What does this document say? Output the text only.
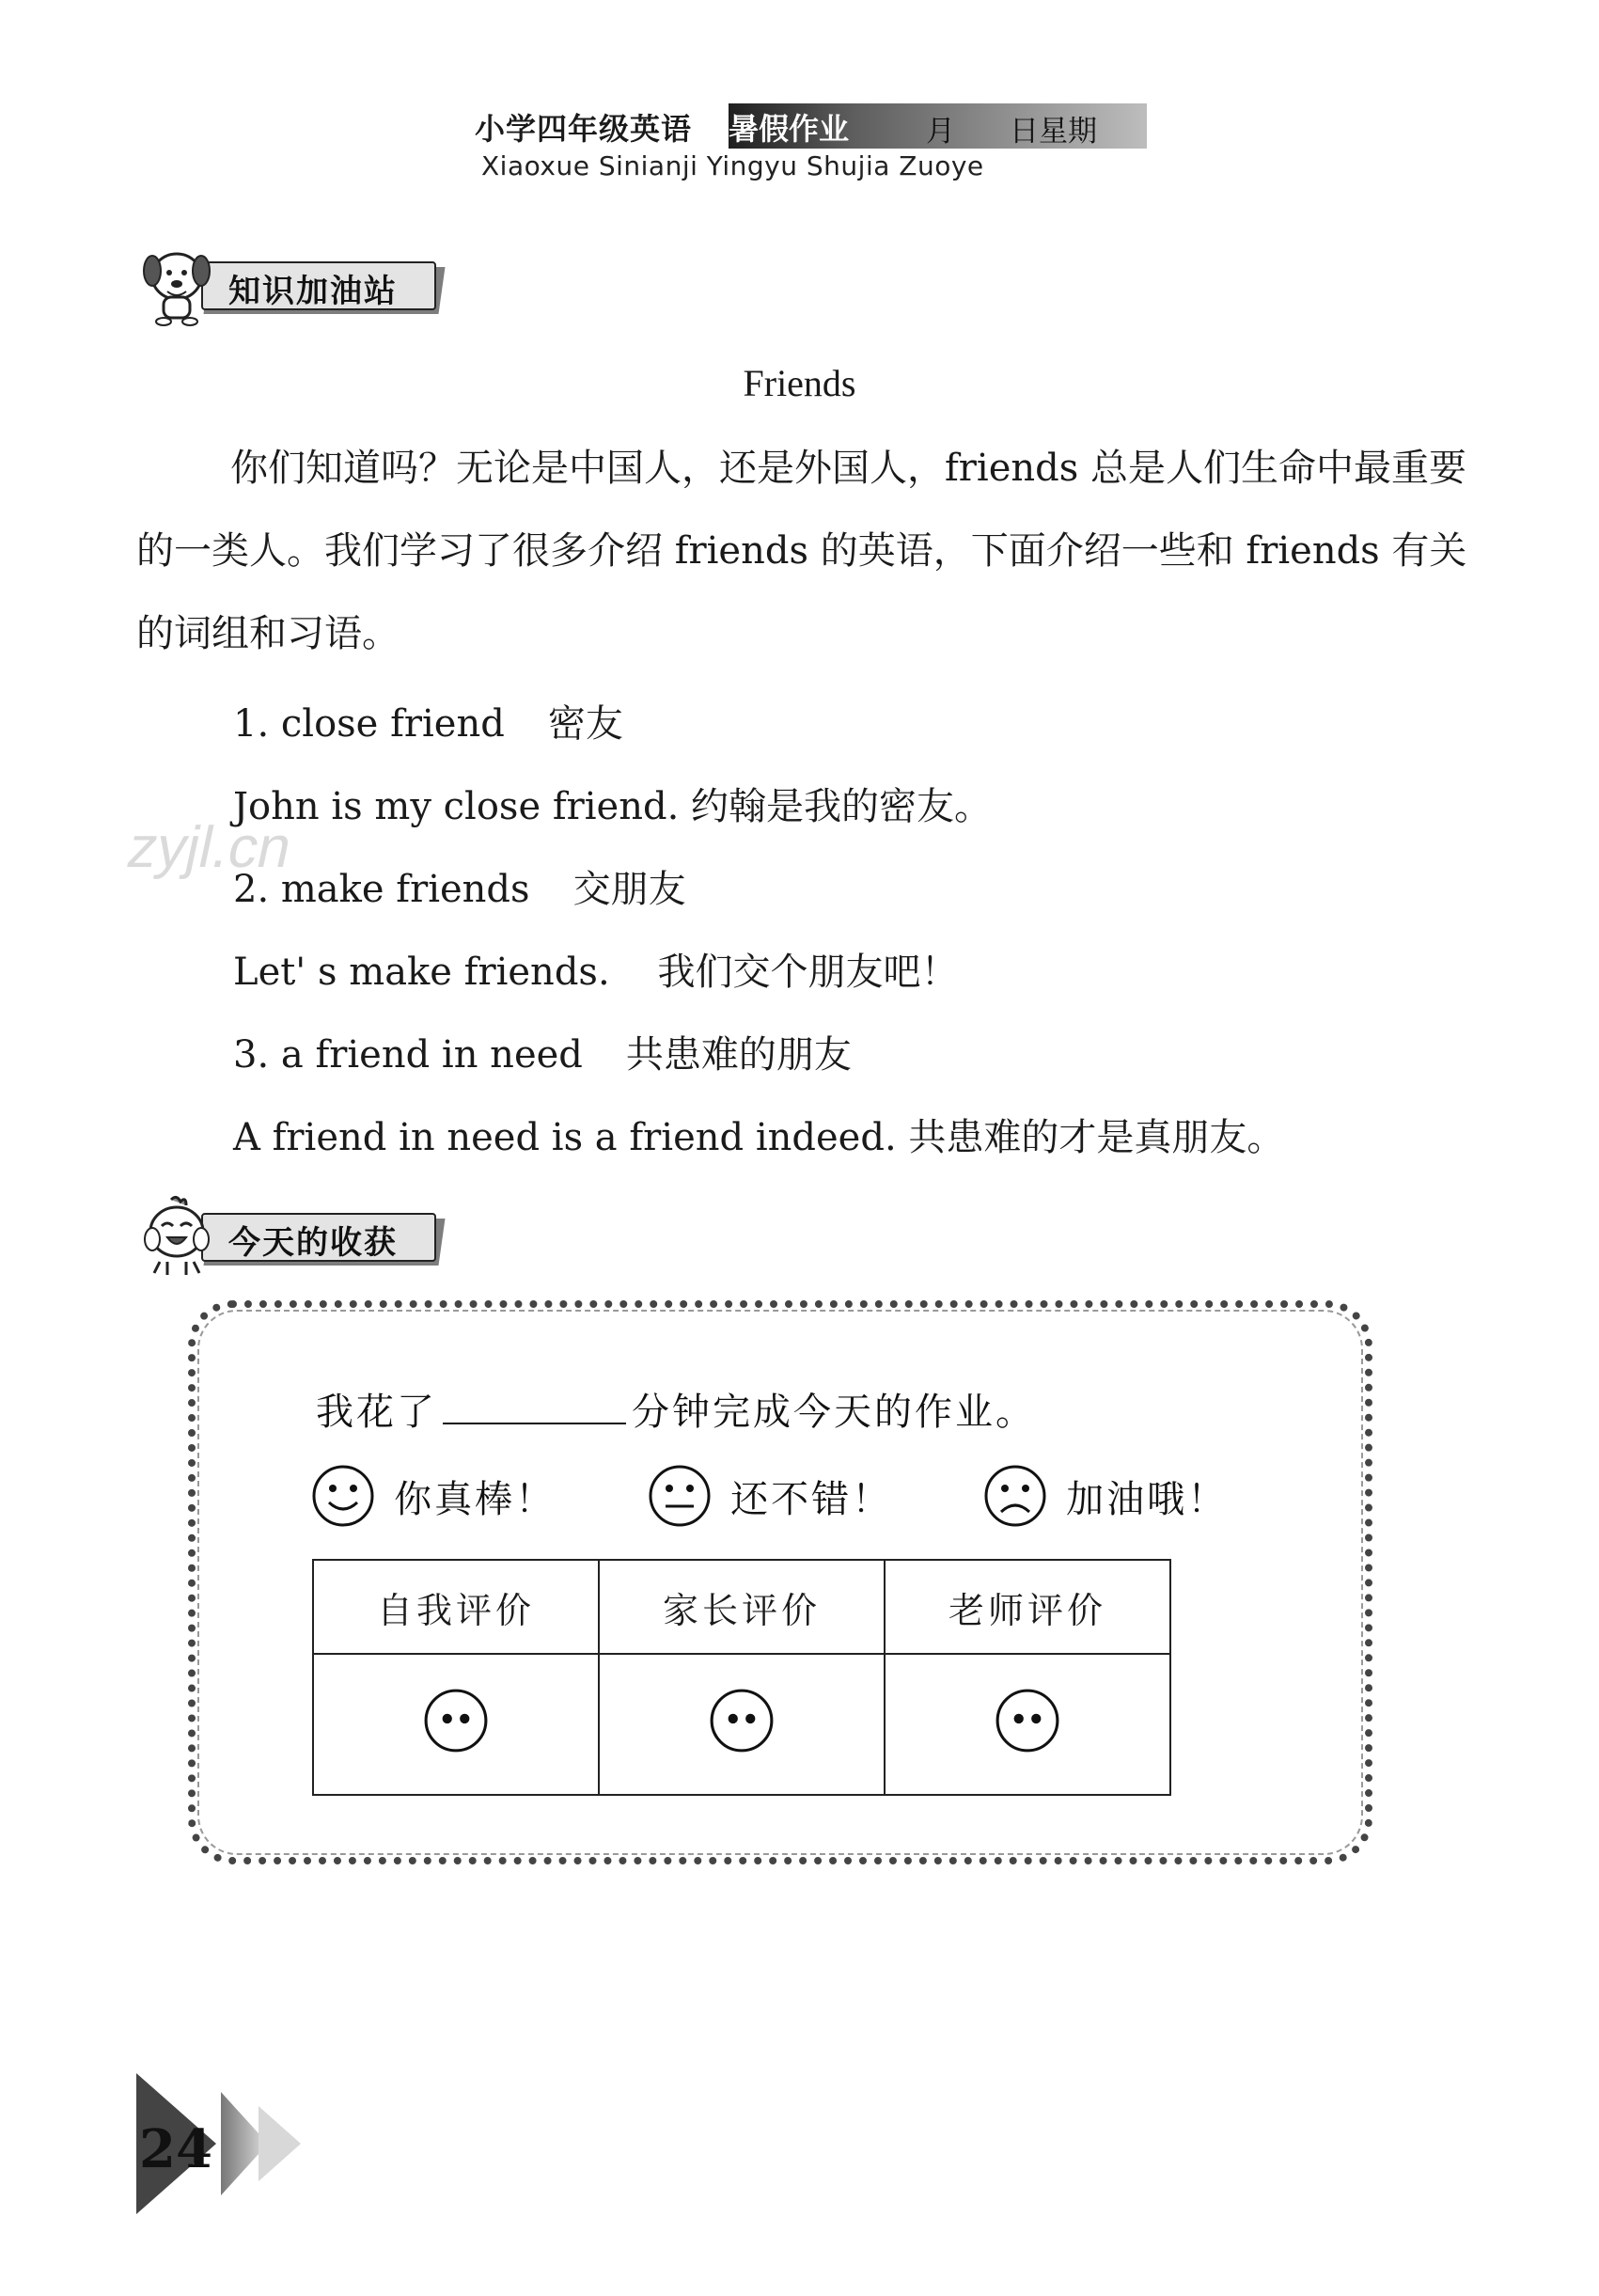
小学四年级英语 暑假作业	月 日星期
Xiaoxue Sinianji Yingyu Shujia Zuoye
知识加油站
Friends
你们知道吗？无论是中国人，还是外国人，friends 总是人们生命中最重要的一类人。我们学习了很多介绍 friends 的英语，下面介绍一些和 friends 有关的词组和习语。
1. close friend 密友
John is my close friend. 约翰是我的密友。
2. make friends 交朋友
Let' s make friends.    我们交个朋友吧！
3. a friend in need 共患难的朋友
A friend in need is a friend indeed. 共患难的才是真朋友。
zyjl.cn
今天的收获
我花了	分钟完成今天的作业。
你真棒！	还不错！	加油哦！
自我评价	家长评价	老师评价

24
